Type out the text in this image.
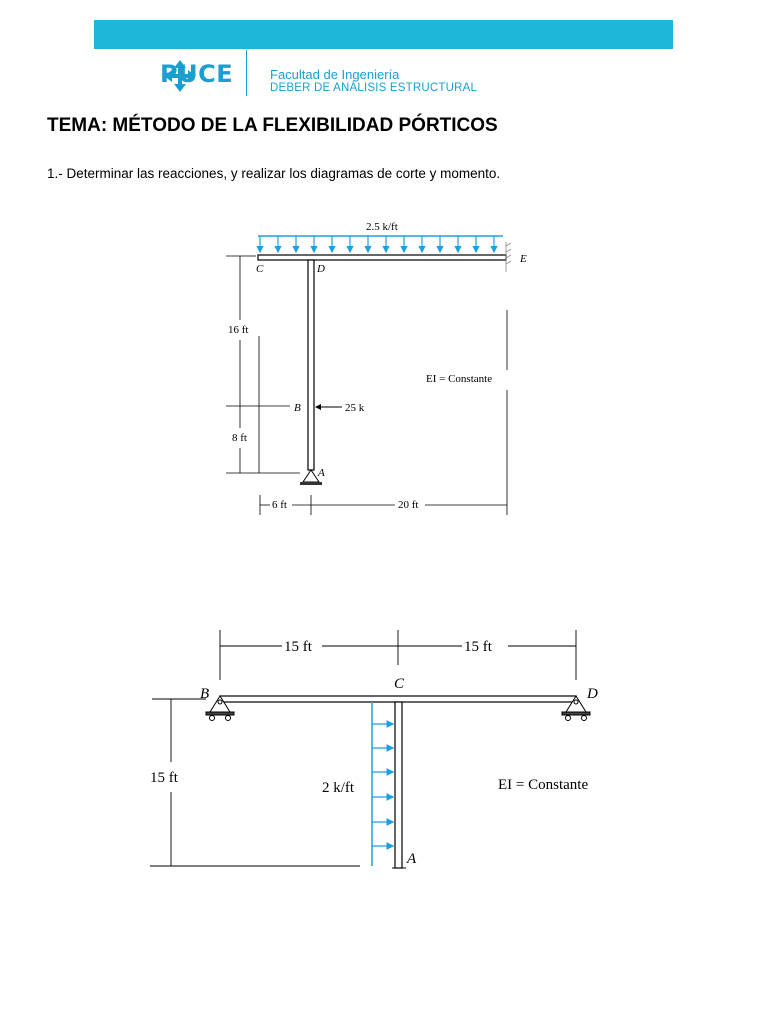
PUCE	Facultad de Ingeniería
DEBER DE ANÁLISIS ESTRUCTURAL
TEMA: MÉTODO DE LA FLEXIBILIDAD PÓRTICOS
1.- Determinar las reacciones, y realizar los diagramas de corte y momento.
2.5 k/ft
25 k
C	D
E
B
A
16 ft
8 ft
6 ft	20 ft
EI = Constante
15 ft	15 ft
2 k/ft
B
C
D
A
15 ft	EI = Constante
